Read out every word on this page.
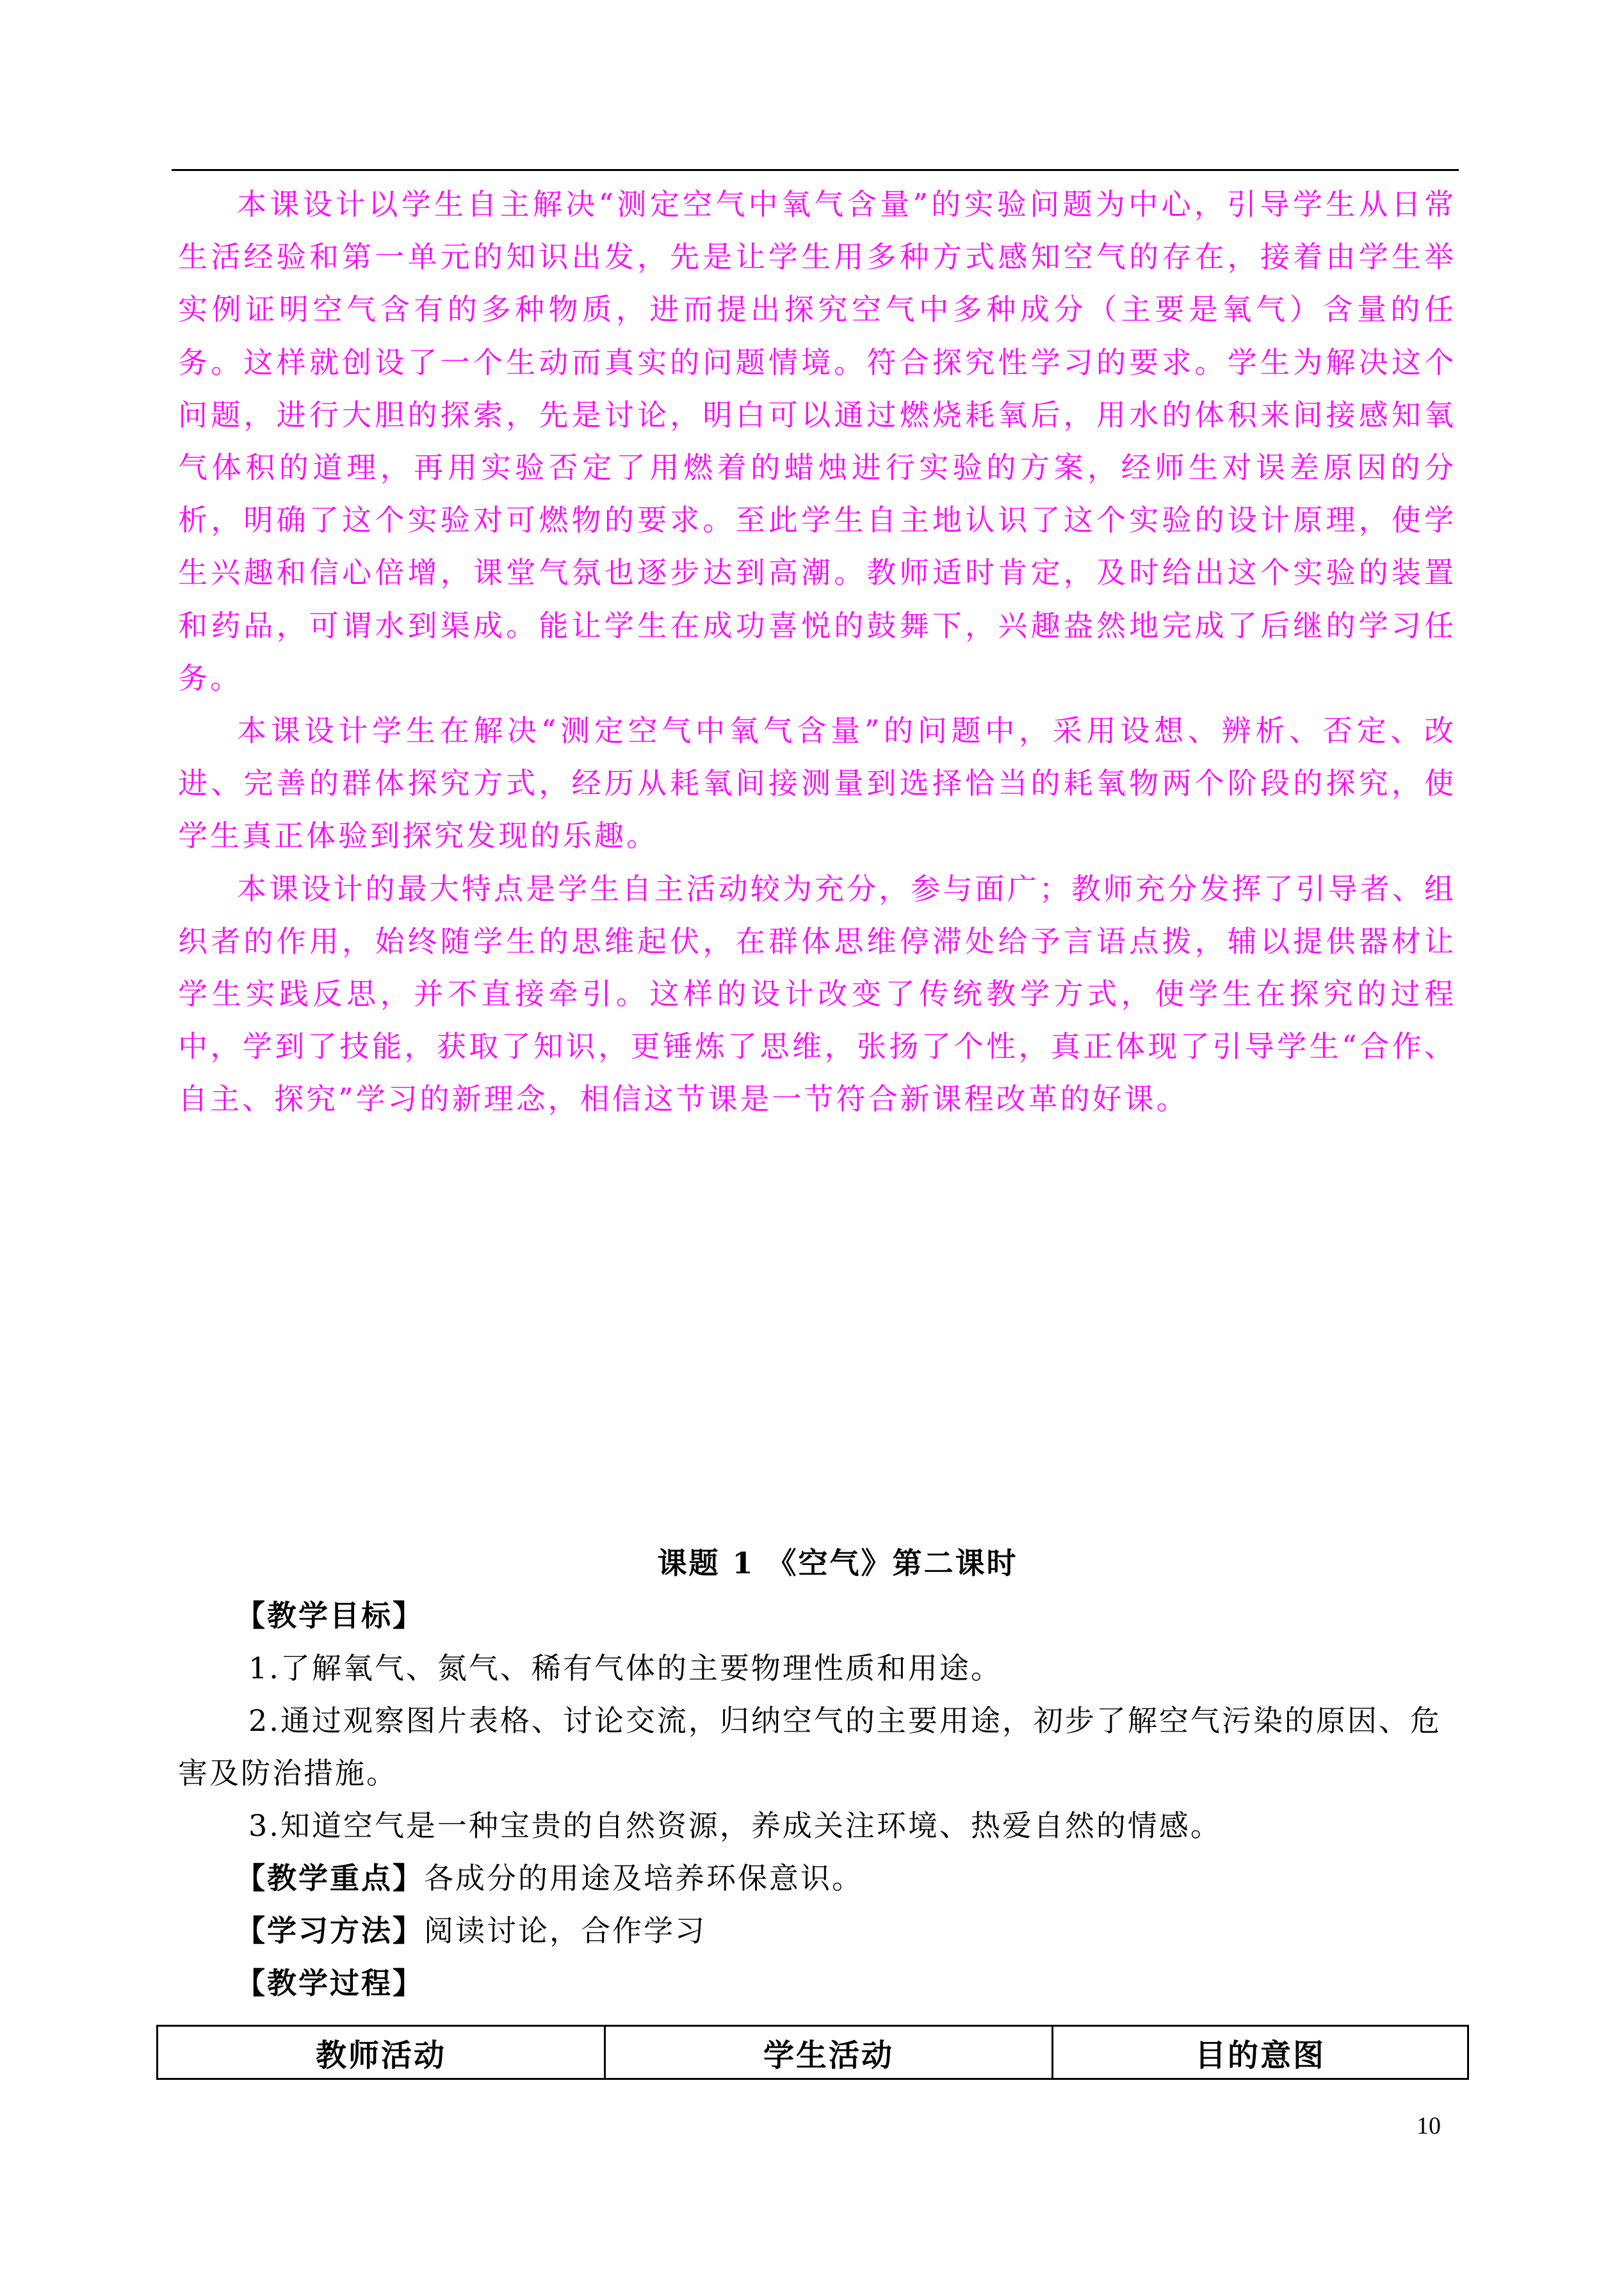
本课设计以学生自主解决“测定空气中氧气含量”的实验问题为中心，引导学生从日常生活经验和第一单元的知识出发，先是让学生用多种方式感知空气的存在，接着由学生举实例证明空气含有的多种物质，进而提出探究空气中多种成分（主要是氧气）含量的任务。这样就创设了一个生动而真实的问题情境。符合探究性学习的要求。学生为解决这个问题，进行大胆的探索，先是讨论，明白可以通过燃烧耗氧后，用水的体积来间接感知氧气体积的道理，再用实验否定了用燃着的蜡烛进行实验的方案，经师生对误差原因的分析，明确了这个实验对可燃物的要求。至此学生自主地认识了这个实验的设计原理，使学生兴趣和信心倍增，课堂气氛也逐步达到高潮。教师适时肯定，及时给出这个实验的装置和药品，可谓水到渠成。能让学生在成功喜悦的鼓舞下，兴趣盎然地完成了后继的学习任务。

本课设计学生在解决“测定空气中氧气含量”的问题中，采用设想、辨析、否定、改进、完善的群体探究方式，经历从耗氧间接测量到选择恰当的耗氧物两个阶段的探究，使学生真正体验到探究发现的乐趣。

本课设计的最大特点是学生自主活动较为充分，参与面广；教师充分发挥了引导者、组织者的作用，始终随学生的思维起伏，在群体思维停滞处给予言语点拨，辅以提供器材让学生实践反思，并不直接牵引。这样的设计改变了传统教学方式，使学生在探究的过程中，学到了技能，获取了知识，更锤炼了思维，张扬了个性，真正体现了引导学生“合作、自主、探究”学习的新理念，相信这节课是一节符合新课程改革的好课。

课题 1 《空气》第二课时

【教学目标】

1.了解氧气、氮气、稀有气体的主要物理性质和用途。

2.通过观察图片表格、讨论交流，归纳空气的主要用途，初步了解空气污染的原因、危害及防治措施。

3.知道空气是一种宝贵的自然资源，养成关注环境、热爱自然的情感。

【教学重点】各成分的用途及培养环保意识。

【学习方法】阅读讨论，合作学习

【教学过程】

教师活动	学生活动	目的意图
10
